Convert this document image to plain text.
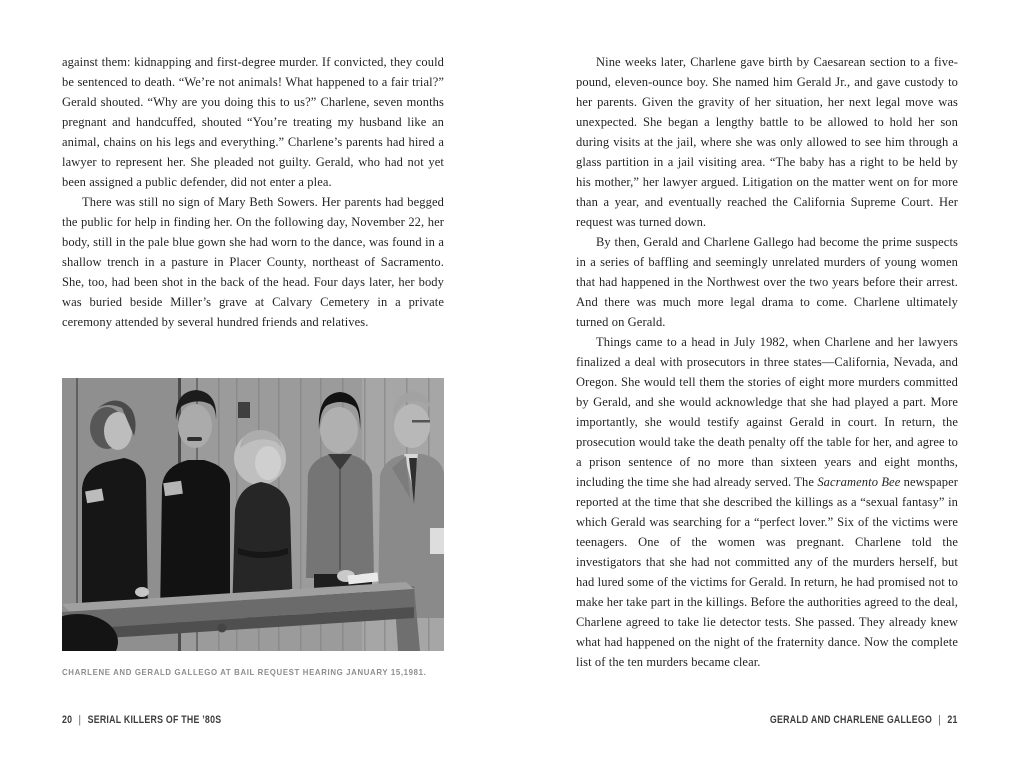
against them: kidnapping and first-degree murder. If convicted, they could be sentenced to death. “We’re not animals! What happened to a fair trial?” Gerald shouted. “Why are you doing this to us?” Charlene, seven months pregnant and handcuffed, shouted “You’re treating my husband like an animal, chains on his legs and everything.” Charlene’s parents had hired a lawyer to represent her. She pleaded not guilty. Gerald, who had not yet been assigned a public defender, did not enter a plea.

There was still no sign of Mary Beth Sowers. Her parents had begged the public for help in finding her. On the following day, November 22, her body, still in the pale blue gown she had worn to the dance, was found in a shallow trench in a pasture in Placer County, northeast of Sacramento. She, too, had been shot in the back of the head. Four days later, her body was buried beside Miller’s grave at Calvary Cemetery in a private ceremony attended by several hundred friends and relatives.

CHARLENE AND GERALD GALLEGO AT BAIL REQUEST HEARING JANUARY 15,1981.

Nine weeks later, Charlene gave birth by Caesarean section to a five-pound, eleven-ounce boy. She named him Gerald Jr., and gave custody to her parents. Given the gravity of her situation, her next legal move was unexpected. She began a lengthy battle to be allowed to hold her son during visits at the jail, where she was only allowed to see him through a glass partition in a jail visiting area. “The baby has a right to be held by his mother,” her lawyer argued. Litigation on the matter went on for more than a year, and eventually reached the California Supreme Court. Her request was turned down.

By then, Gerald and Charlene Gallego had become the prime suspects in a series of baffling and seemingly unrelated murders of young women that had happened in the Northwest over the two years before their arrest. And there was much more legal drama to come. Charlene ultimately turned on Gerald.

Things came to a head in July 1982, when Charlene and her lawyers finalized a deal with prosecutors in three states—California, Nevada, and Oregon. She would tell them the stories of eight more murders committed by Gerald, and she would acknowledge that she had played a part. More importantly, she would testify against Gerald in court. In return, the prosecution would take the death penalty off the table for her, and agree to a prison sentence of no more than sixteen years and eight months, including the time she had already served. The Sacramento Bee newspaper reported at the time that she described the killings as a “sexual fantasy” in which Gerald was searching for a “perfect lover.” Six of the victims were teenagers. One of the women was pregnant. Charlene told the investigators that she had not committed any of the murders herself, but had lured some of the victims for Gerald. In return, he had promised not to make her take part in the killings. Before the authorities agreed to the deal, Charlene agreed to take lie detector tests. She passed. They already knew what had happened on the night of the fraternity dance. Now the complete list of the ten murders became clear.

20 | SERIAL KILLERS OF THE ’80S	GERALD AND CHARLENE GALLEGO | 21
